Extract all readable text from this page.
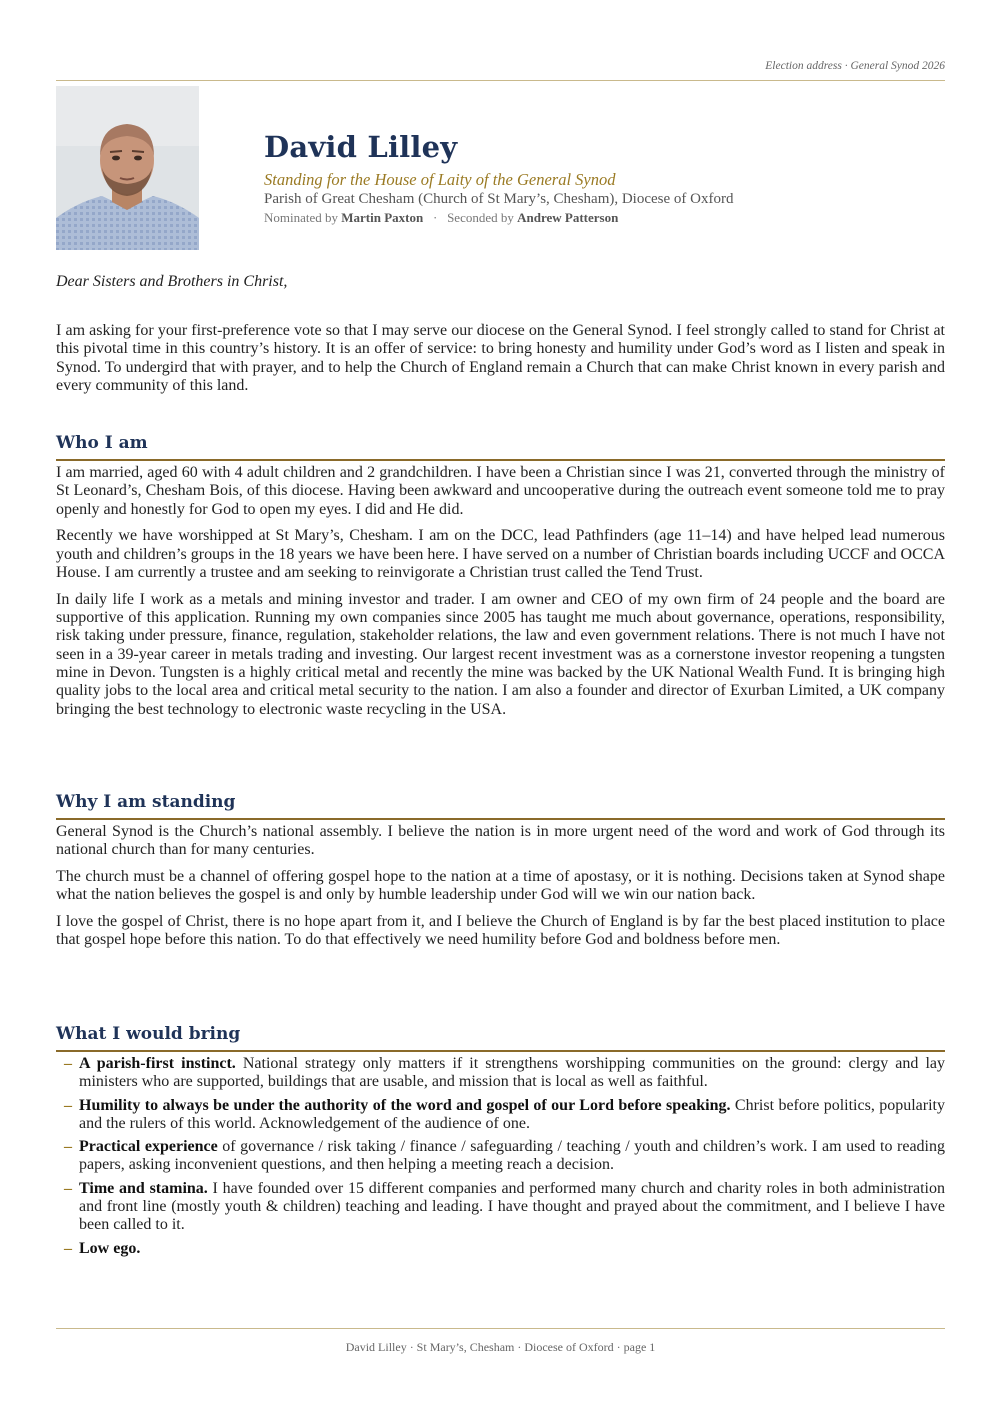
Election address · General Synod 2026
David Lilley
Standing for the House of Laity of the General Synod
Parish of Great Chesham (Church of St Mary’s, Chesham), Diocese of Oxford
Nominated by Martin Paxton · Seconded by Andrew Patterson
Dear Sisters and Brothers in Christ,

I am asking for your first-preference vote so that I may serve our diocese on the General Synod. I feel strongly called to stand for Christ at this pivotal time in this country’s history. It is an offer of service: to bring honesty and humility under God’s word as I listen and speak in Synod. To undergird that with prayer, and to help the Church of England remain a Church that can make Christ known in every parish and every community of this land.

Who I am

I am married, aged 60 with 4 adult children and 2 grandchildren. I have been a Christian since I was 21, converted through the ministry of St Leonard’s, Chesham Bois, of this diocese. Having been awkward and uncooperative during the outreach event someone told me to pray openly and honestly for God to open my eyes. I did and He did.

Recently we have worshipped at St Mary’s, Chesham. I am on the DCC, lead Pathfinders (age 11–14) and have helped lead numerous youth and children’s groups in the 18 years we have been here. I have served on a number of Christian boards including UCCF and OCCA House. I am currently a trustee and am seeking to reinvigorate a Christian trust called the Tend Trust.

In daily life I work as a metals and mining investor and trader. I am owner and CEO of my own firm of 24 people and the board are supportive of this application. Running my own companies since 2005 has taught me much about governance, operations, responsibility, risk taking under pressure, finance, regulation, stakeholder relations, the law and even government relations. There is not much I have not seen in a 39-year career in metals trading and investing. Our largest recent investment was as a cornerstone investor reopening a tungsten mine in Devon. Tungsten is a highly critical metal and recently the mine was backed by the UK National Wealth Fund. It is bringing high quality jobs to the local area and critical metal security to the nation. I am also a founder and director of Exurban Limited, a UK company bringing the best technology to electronic waste recycling in the USA.

Why I am standing

General Synod is the Church’s national assembly. I believe the nation is in more urgent need of the word and work of God through its national church than for many centuries.

The church must be a channel of offering gospel hope to the nation at a time of apostasy, or it is nothing. Decisions taken at Synod shape what the nation believes the gospel is and only by humble leadership under God will we win our nation back.

I love the gospel of Christ, there is no hope apart from it, and I believe the Church of England is by far the best placed institution to place that gospel hope before this nation. To do that effectively we need humility before God and boldness before men.

What I would bring
– A parish-first instinct. National strategy only matters if it strengthens worshipping communities on the ground: clergy and lay ministers who are supported, buildings that are usable, and mission that is local as well as faithful.
– Humility to always be under the authority of the word and gospel of our Lord before speaking. Christ before politics, popularity and the rulers of this world. Acknowledgement of the audience of one.
– Practical experience of governance / risk taking / finance / safeguarding / teaching / youth and children’s work. I am used to reading papers, asking inconvenient questions, and then helping a meeting reach a decision.
– Time and stamina. I have founded over 15 different companies and performed many church and charity roles in both administration and front line (mostly youth & children) teaching and leading. I have thought and prayed about the commitment, and I believe I have been called to it.
– Low ego.
David Lilley · St Mary’s, Chesham · Diocese of Oxford · page 1
